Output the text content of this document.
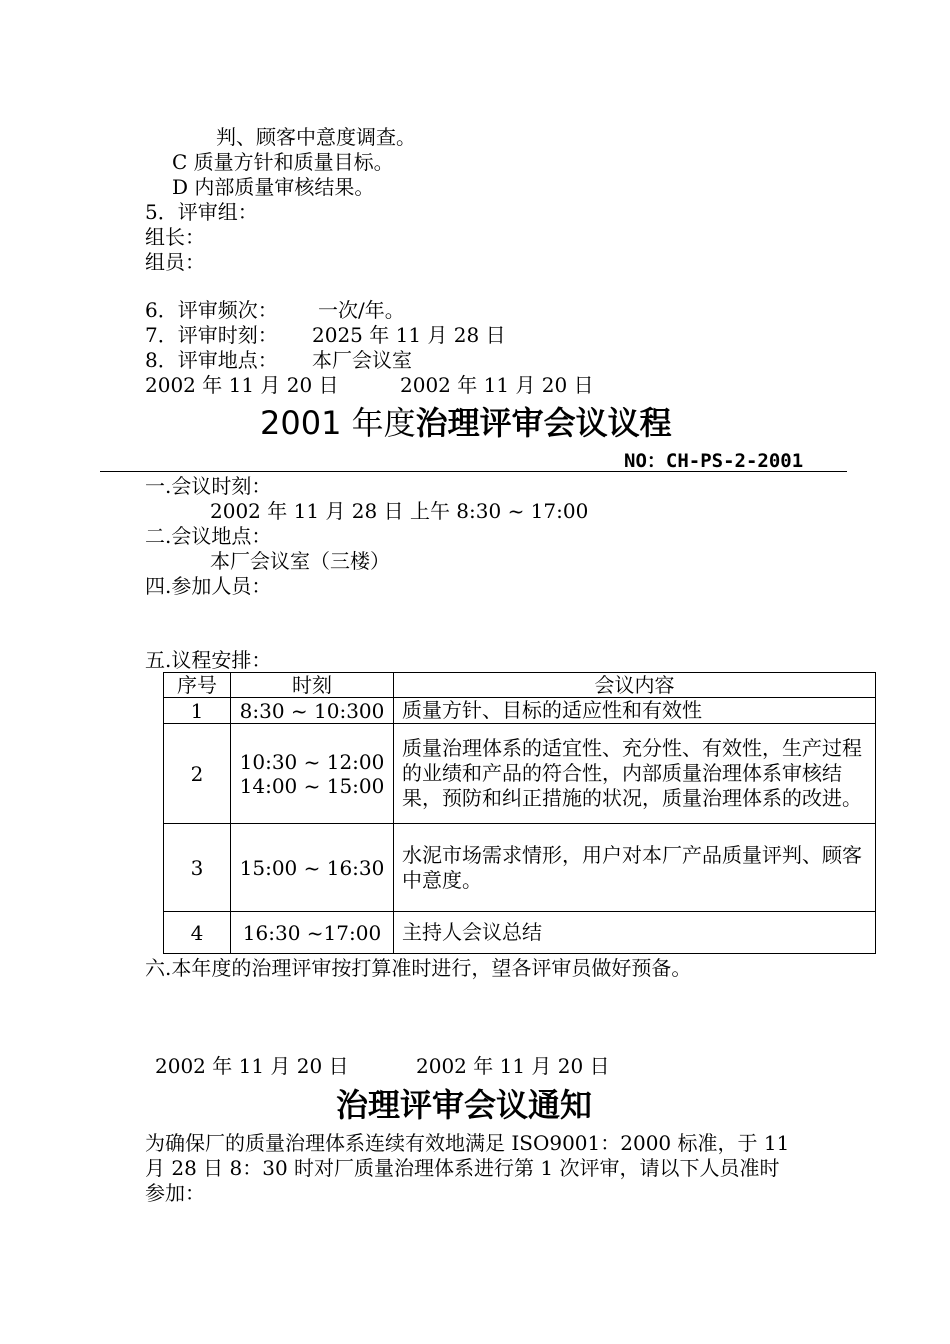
判、顾客中意度调查。
C 质量方针和质量目标。
D 内部质量审核结果。
5．评审组：
组长：
组员：
6．评审频次： 一次/年。
7．评审时刻： 2025 年 11 月 28 日
8．评审地点： 本厂会议室
2002 年 11 月 20 日	2002 年 11 月 20 日
2001 年度治理评审会议议程
NO：CH-PS-2-2001
一.会议时刻：
2002 年 11 月 28 日 上午 8:30 ~ 17:00
二.会议地点：
本厂会议室（三楼）
四.参加人员：
五.议程安排：
序号	时刻	会议内容
1	8:30 ~ 10:300	质量方针、目标的适应性和有效性
2	10:30 ~ 12:00
14:00 ~ 15:00	质量治理体系的适宜性、充分性、有效性，生产过程的业绩和产品的符合性，内部质量治理体系审核结果，预防和纠正措施的状况，质量治理体系的改进。
3	15:00 ~ 16:30	水泥市场需求情形，用户对本厂产品质量评判、顾客中意度。
4	16:30 ~17:00	主持人会议总结
六.本年度的治理评审按打算准时进行，望各评审员做好预备。
2002 年 11 月 20 日	2002 年 11 月 20 日
治理评审会议通知
为确保厂的质量治理体系连续有效地满足 ISO9001：2000 标准，于 11
月 28 日 8：30 时对厂质量治理体系进行第 1 次评审，请以下人员准时
参加：
